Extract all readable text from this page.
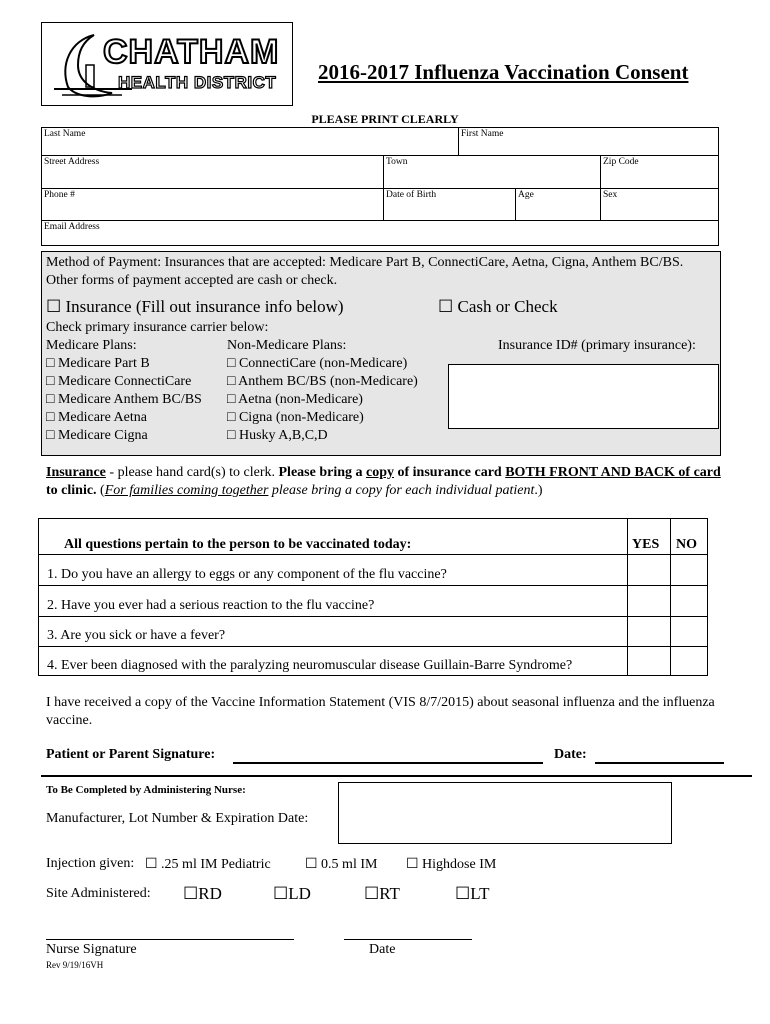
CHATHAM
HEALTH DISTRICT 2016-2017 Influenza Vaccination Consent
PLEASE PRINT CLEARLY
Last Name	First Name
Street Address	Town	Zip Code
Phone #	Date of Birth	Age	Sex
Email Address
Method of Payment: Insurances that are accepted: Medicare Part B, ConnectiCare, Aetna, Cigna, Anthem BC/BS. Other forms of payment accepted are cash or check.
☐ Insurance (Fill out insurance info below)	☐ Cash or Check
Check primary insurance carrier below:
Medicare Plans:	Non-Medicare Plans:	Insurance ID# (primary insurance):
□ Medicare Part B
□ Medicare ConnectiCare
□ Medicare Anthem BC/BS
□ Medicare Aetna
□ Medicare Cigna
□ ConnectiCare (non-Medicare)
□ Anthem BC/BS (non-Medicare)
□ Aetna (non-Medicare)
□ Cigna (non-Medicare)
□ Husky A,B,C,D
Insurance - please hand card(s) to clerk. Please bring a copy of insurance card BOTH FRONT AND BACK of card to clinic. (For families coming together please bring a copy for each individual patient.)
All questions pertain to the person to be vaccinated today:	YES NO
1. Do you have an allergy to eggs or any component of the flu vaccine?
2. Have you ever had a serious reaction to the flu vaccine?
3. Are you sick or have a fever?
4. Ever been diagnosed with the paralyzing neuromuscular disease Guillain-Barre Syndrome?
I have received a copy of the Vaccine Information Statement (VIS 8/7/2015) about seasonal influenza and the influenza vaccine.
Patient or Parent Signature:	Date:
To Be Completed by Administering Nurse:
Manufacturer, Lot Number & Expiration Date:
Injection given: ☐ .25 ml IM Pediatric ☐ 0.5 ml IM ☐ Highdose IM
Site Administered: ☐RD	☐LD	☐RT	☐LT
Nurse Signature	Date
Rev 9/19/16VH
